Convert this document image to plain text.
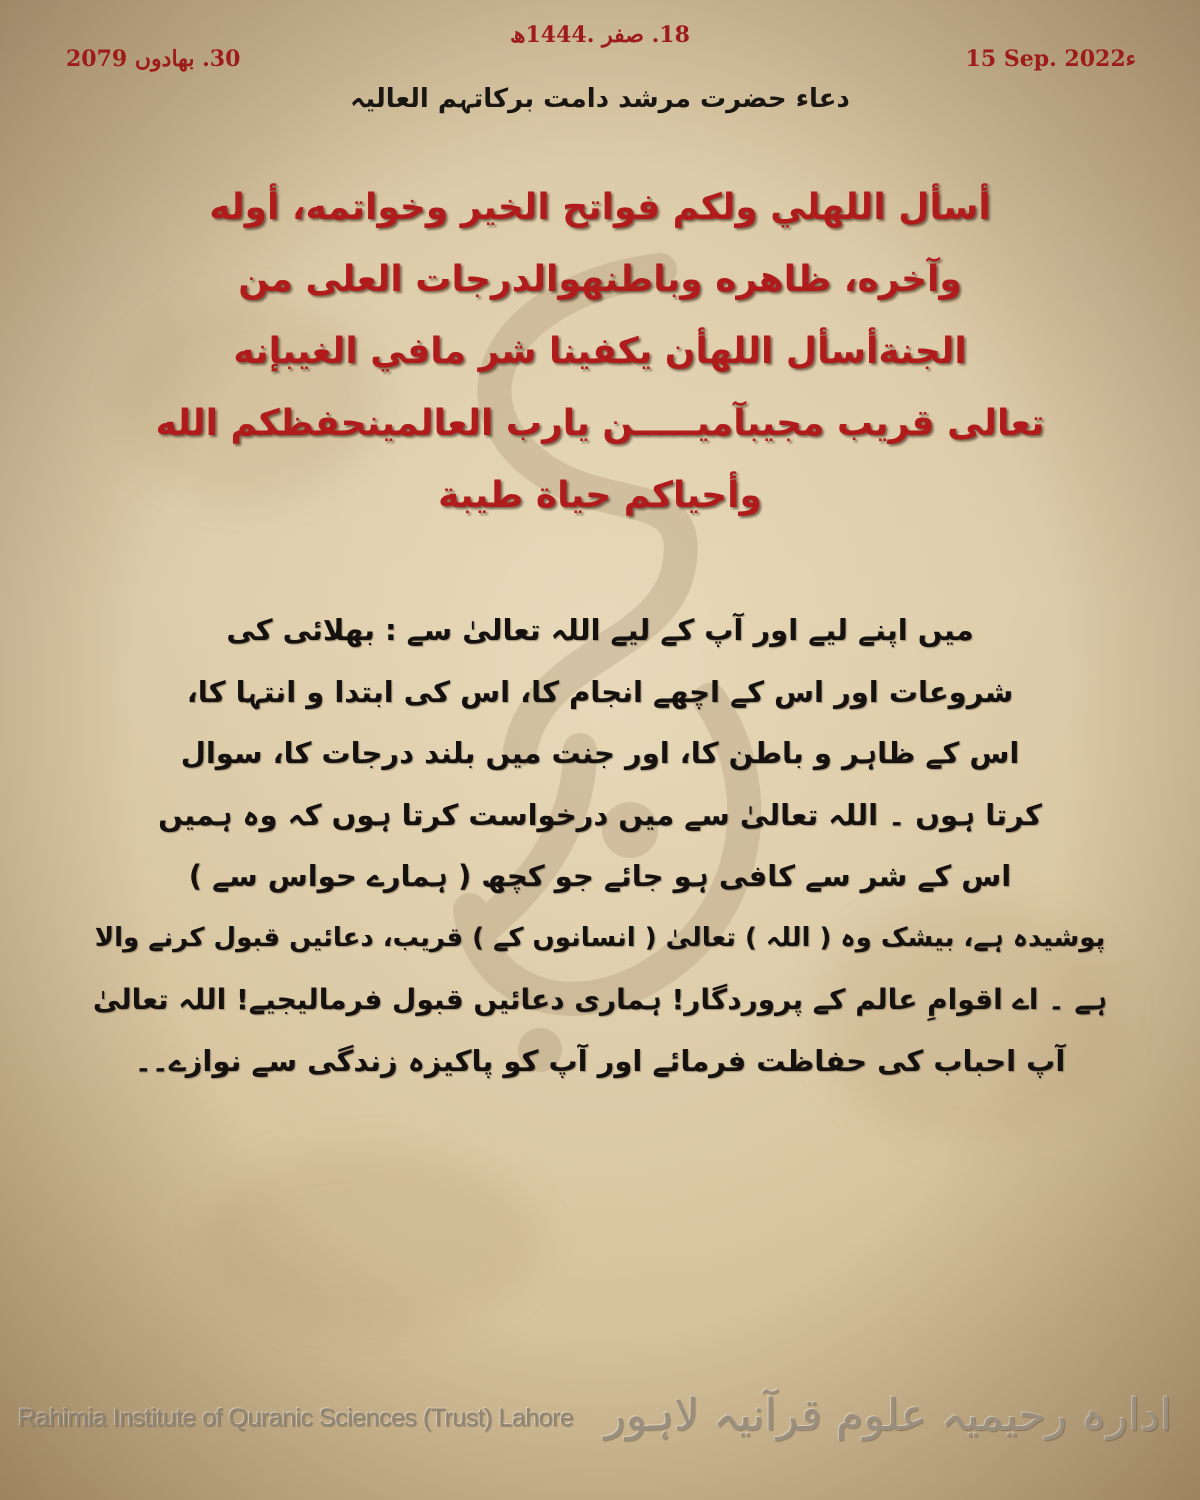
30. بھادوں 2079
18. صفر .1444ھ
15 Sep. 2022ء
دعاء حضرت مرشد دامت برکاتہم العالیہ
أسأل اللهلي ولكم فواتح الخير وخواتمه، أوله
وآخره، ظاهره وباطنهوالدرجات العلى من
الجنةأسأل اللهأن يكفينا شر مافي الغيبإنه
تعالى قريب مجيبآميـــــن يارب العالمينحفظكم الله
وأحياكم حياة طيبة
میں اپنے لیے اور آپ کے لیے اللہ تعالیٰ سے : بھلائی کی
شروعات اور اس کے اچھے انجام کا، اس کی ابتدا و انتہا کا،
اس کے ظاہر و باطن کا، اور جنت میں بلند درجات کا، سوال
کرتا ہوں ۔ اللہ تعالیٰ سے میں درخواست کرتا ہوں کہ وہ ہمیں
اس کے شر سے کافی ہو جائے جو کچھ ( ہمارے حواس سے )
پوشیدہ ہے، بیشک وہ ( اللہ ) تعالیٰ ( انسانوں کے ) قریب، دعائیں قبول کرنے والا
ہے ۔ اے اقوامِ عالم کے پروردگار! ہماری دعائیں قبول فرمالیجیے! اللہ تعالیٰ
آپ احباب کی حفاظت فرمائے اور آپ کو پاکیزہ زندگی سے نوازے۔۔
Rahimia Institute of Quranic Sciences (Trust) Lahore ادارہ رحیمیہ علوم قرآنیہ لاہور
